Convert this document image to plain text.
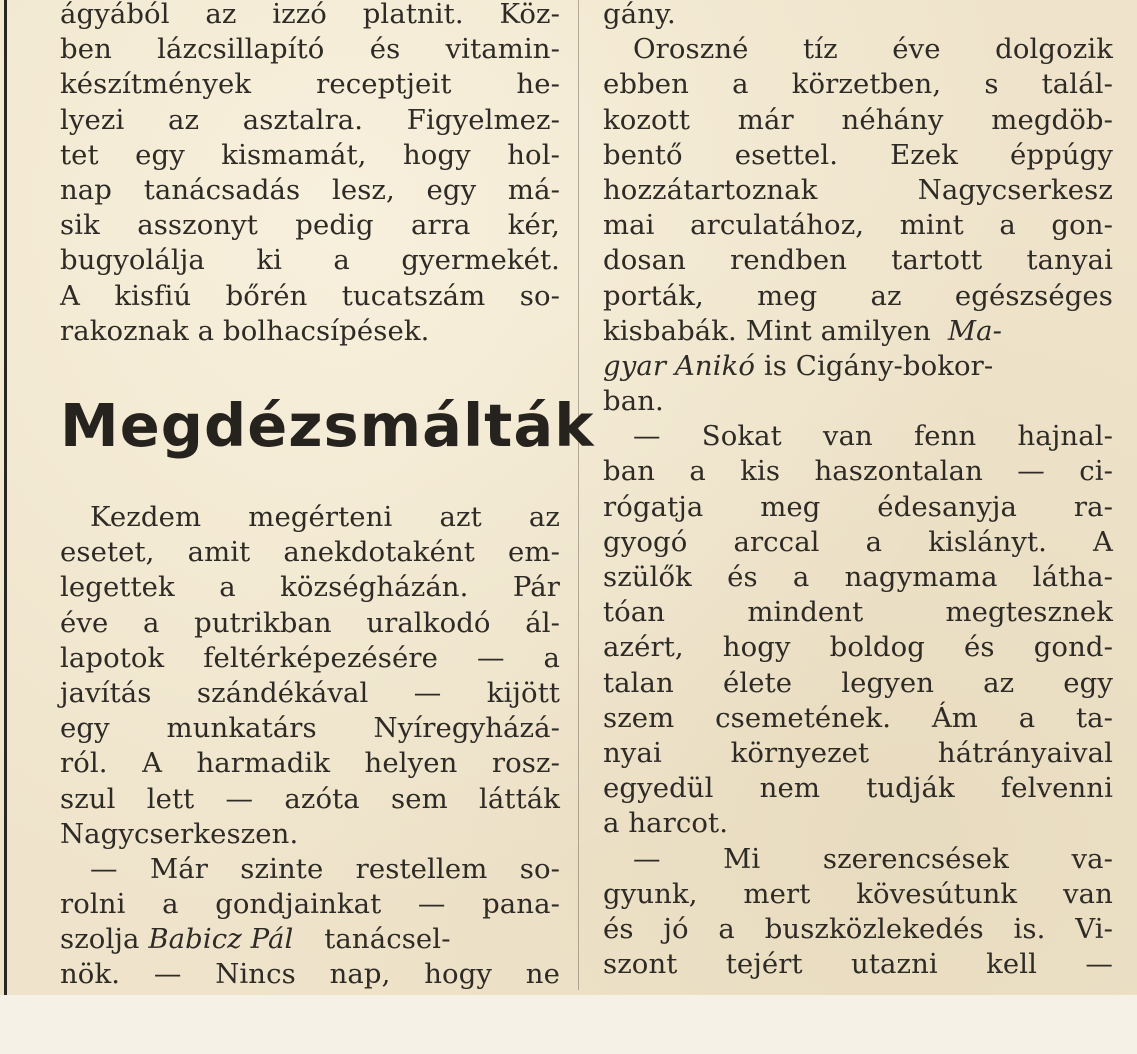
ágyából az izzó platnit. Köz-
ben lázcsillapító és vitamin-
készítmények receptjeit he-
lyezi az asztalra. Figyelmez-
tet egy kismamát, hogy hol-
nap tanácsadás lesz, egy má-
sik asszonyt pedig arra kér,
bugyolálja ki a gyermekét.
A kisfiú bőrén tucatszám so-
rakoznak a bolhacsípések.
Megdézsmálták
Kezdem megérteni azt az
esetet, amit anekdotaként em-
legettek a községházán. Pár
éve a putrikban uralkodó ál-
lapotok feltérképezésére — a
javítás szándékával — kijött
egy munkatárs Nyíregyházá-
ról. A harmadik helyen rosz-
szul lett — azóta sem látták
Nagycserkeszen.
— Már szinte restellem so-
rolni a gondjainkat — pana-
szolja Babicz Pál tanácsel-
nök. — Nincs nap, hogy ne
gány.
Oroszné tíz éve dolgozik
ebben a körzetben, s talál-
kozott már néhány megdöb-
bentő esettel. Ezek éppúgy
hozzátartoznak Nagycserkesz
mai arculatához, mint a gon-
dosan rendben tartott tanyai
porták, meg az egészséges
kisbabák. Mint amilyen Ma-
gyar Anikó is Cigány-bokor-
ban.
— Sokat van fenn hajnal-
ban a kis haszontalan — ci-
rógatja meg édesanyja ra-
gyogó arccal a kislányt. A
szülők és a nagymama látha-
tóan mindent megtesznek
azért, hogy boldog és gond-
talan élete legyen az egy
szem csemetének. Ám a ta-
nyai környezet hátrányaival
egyedül nem tudják felvenni
a harcot.
— Mi szerencsések va-
gyunk, mert kövesútunk van
és jó a buszközlekedés is. Vi-
szont tejért utazni kell —
